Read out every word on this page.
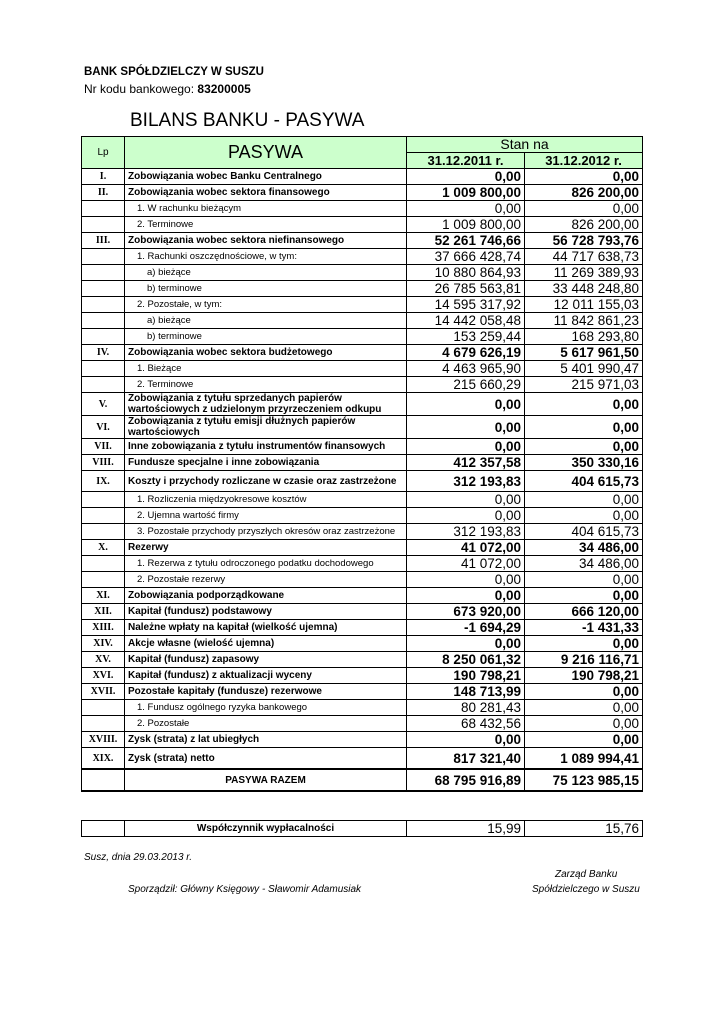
BANK SPÓŁDZIELCZY W SUSZU
Nr kodu bankowego: 83200005
BILANS BANKU - PASYWA
Lp	PASYWA	Stan na	
		31.12.2011 r.	31.12.2012 r.
I.	Zobowiązania wobec Banku Centralnego	0,00	0,00
II.	Zobowiązania wobec sektora finansowego	1 009 800,00	826 200,00
	1. W rachunku bieżącym	0,00	0,00
	2. Terminowe	1 009 800,00	826 200,00
III.	Zobowiązania wobec sektora niefinansowego	52 261 746,66	56 728 793,76
	1. Rachunki oszczędnościowe, w tym:	37 666 428,74	44 717 638,73
	a) bieżące	10 880 864,93	11 269 389,93
	b) terminowe	26 785 563,81	33 448 248,80
	2. Pozostałe, w tym:	14 595 317,92	12 011 155,03
	a) bieżące	14 442 058,48	11 842 861,23
	b) terminowe	153 259,44	168 293,80
IV.	Zobowiązania wobec sektora budżetowego	4 679 626,19	5 617 961,50
	1. Bieżące	4 463 965,90	5 401 990,47
	2. Terminowe	215 660,29	215 971,03
V.	Zobowiązania z tytułu sprzedanych papierów wartościowych z udzielonym przyrzeczeniem odkupu	0,00	0,00
VI.	Zobowiązania z tytułu emisji dłużnych papierów wartościowych	0,00	0,00
VII.	Inne zobowiązania z tytułu instrumentów finansowych	0,00	0,00
VIII.	Fundusze specjalne i inne zobowiązania	412 357,58	350 330,16
IX.	Koszty i przychody rozliczane w czasie oraz zastrzeżone	312 193,83	404 615,73
	1. Rozliczenia międzyokresowe kosztów	0,00	0,00
	2. Ujemna wartość firmy	0,00	0,00
	3. Pozostałe przychody przyszłych okresów oraz zastrzeżone	312 193,83	404 615,73
X.	Rezerwy	41 072,00	34 486,00
	1. Rezerwa z tytułu odroczonego podatku dochodowego	41 072,00	34 486,00
	2. Pozostałe rezerwy	0,00	0,00
XI.	Zobowiązania podporządkowane	0,00	0,00
XII.	Kapitał (fundusz) podstawowy	673 920,00	666 120,00
XIII.	Należne wpłaty na kapitał (wielkość ujemna)	-1 694,29	-1 431,33
XIV.	Akcje własne (wielość ujemna)	0,00	0,00
XV.	Kapitał (fundusz) zapasowy	8 250 061,32	9 216 116,71
XVI.	Kapitał (fundusz) z aktualizacji wyceny	190 798,21	190 798,21
XVII.	Pozostałe kapitały (fundusze) rezerwowe	148 713,99	0,00
	1. Fundusz ogólnego ryzyka bankowego	80 281,43	0,00
	2. Pozostałe	68 432,56	0,00
XVIII.	Zysk (strata) z lat ubiegłych	0,00	0,00
XIX.	Zysk (strata) netto	817 321,40	1 089 994,41
	PASYWA RAZEM	68 795 916,89	75 123 985,15
	Współczynnik wypłacalności	15,99	15,76
Susz, dnia 29.03.2013 r.
Zarząd Banku
Spółdzielczego w Suszu
Sporządził: Główny Księgowy - Sławomir Adamusiak
